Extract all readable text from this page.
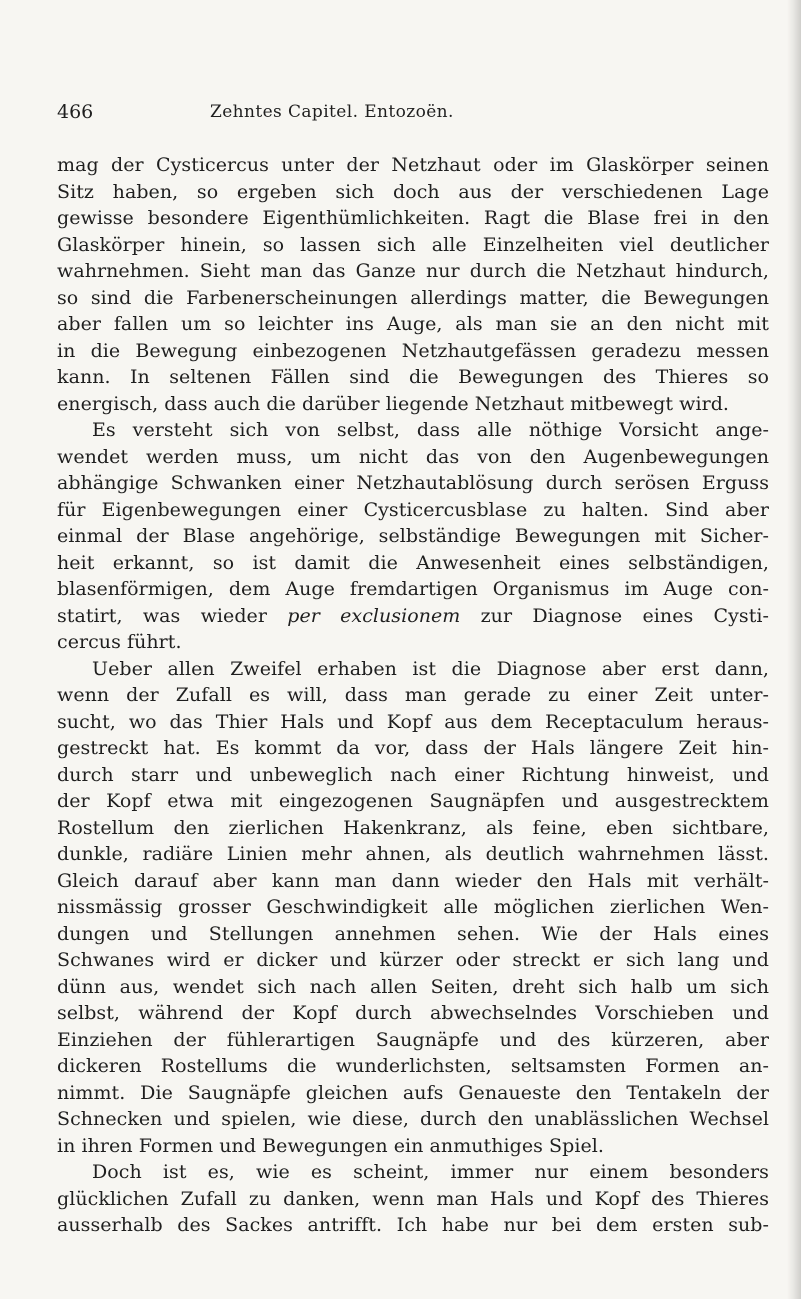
466	Zehntes Capitel. Entozoën.
mag der Cysticercus unter der Netzhaut oder im Glaskörper seinen
Sitz haben, so ergeben sich doch aus der verschiedenen Lage
gewisse besondere Eigenthümlichkeiten. Ragt die Blase frei in den
Glaskörper hinein, so lassen sich alle Einzelheiten viel deutlicher
wahrnehmen. Sieht man das Ganze nur durch die Netzhaut hindurch,
so sind die Farbenerscheinungen allerdings matter, die Bewegungen
aber fallen um so leichter ins Auge, als man sie an den nicht mit
in die Bewegung einbezogenen Netzhautgefässen geradezu messen
kann. In seltenen Fällen sind die Bewegungen des Thieres so
energisch, dass auch die darüber liegende Netzhaut mitbewegt wird.
Es versteht sich von selbst, dass alle nöthige Vorsicht ange-
wendet werden muss, um nicht das von den Augenbewegungen
abhängige Schwanken einer Netzhautablösung durch serösen Erguss
für Eigenbewegungen einer Cysticercusblase zu halten. Sind aber
einmal der Blase angehörige, selbständige Bewegungen mit Sicher-
heit erkannt, so ist damit die Anwesenheit eines selbständigen,
blasenförmigen, dem Auge fremdartigen Organismus im Auge con-
statirt, was wieder per exclusionem zur Diagnose eines Cysti-
cercus führt.
Ueber allen Zweifel erhaben ist die Diagnose aber erst dann,
wenn der Zufall es will, dass man gerade zu einer Zeit unter-
sucht, wo das Thier Hals und Kopf aus dem Receptaculum heraus-
gestreckt hat. Es kommt da vor, dass der Hals längere Zeit hin-
durch starr und unbeweglich nach einer Richtung hinweist, und
der Kopf etwa mit eingezogenen Saugnäpfen und ausgestrecktem
Rostellum den zierlichen Hakenkranz, als feine, eben sichtbare,
dunkle, radiäre Linien mehr ahnen, als deutlich wahrnehmen lässt.
Gleich darauf aber kann man dann wieder den Hals mit verhält-
nissmässig grosser Geschwindigkeit alle möglichen zierlichen Wen-
dungen und Stellungen annehmen sehen. Wie der Hals eines
Schwanes wird er dicker und kürzer oder streckt er sich lang und
dünn aus, wendet sich nach allen Seiten, dreht sich halb um sich
selbst, während der Kopf durch abwechselndes Vorschieben und
Einziehen der fühlerartigen Saugnäpfe und des kürzeren, aber
dickeren Rostellums die wunderlichsten, seltsamsten Formen an-
nimmt. Die Saugnäpfe gleichen aufs Genaueste den Tentakeln der
Schnecken und spielen, wie diese, durch den unablässlichen Wechsel
in ihren Formen und Bewegungen ein anmuthiges Spiel.
Doch ist es, wie es scheint, immer nur einem besonders
glücklichen Zufall zu danken, wenn man Hals und Kopf des Thieres
ausserhalb des Sackes antrifft. Ich habe nur bei dem ersten sub-
